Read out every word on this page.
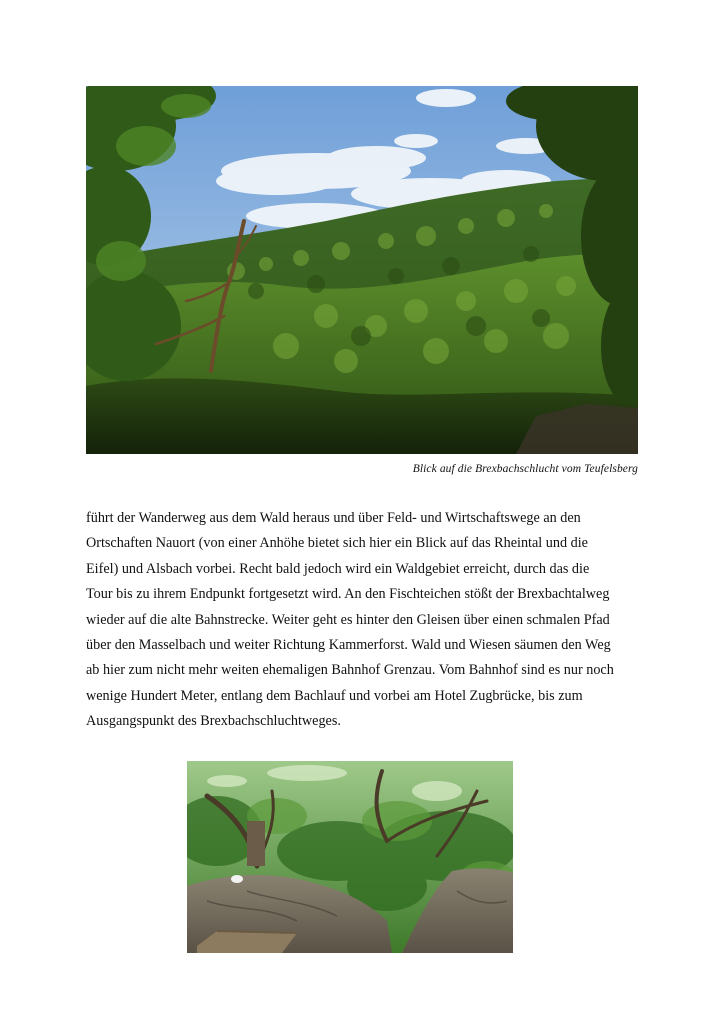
Blick auf die Brexbachschlucht vom Teufelsberg

führt der Wanderweg aus dem Wald heraus und über Feld- und Wirtschaftswege an den
Ortschaften Nauort (von einer Anhöhe bietet sich hier ein Blick auf das Rheintal und die
Eifel) und Alsbach vorbei. Recht bald jedoch wird ein Waldgebiet erreicht, durch das die
Tour bis zu ihrem Endpunkt fortgesetzt wird. An den Fischteichen stößt der Brexbachtalweg
wieder auf die alte Bahnstrecke. Weiter geht es hinter den Gleisen über einen schmalen Pfad
über den Masselbach und weiter Richtung Kammerforst. Wald und Wiesen säumen den Weg
ab hier zum nicht mehr weiten ehemaligen Bahnhof Grenzau. Vom Bahnhof sind es nur noch
wenige Hundert Meter, entlang dem Bachlauf und vorbei am Hotel Zugbrücke, bis zum
Ausgangspunkt des Brexbachschluchtweges.
